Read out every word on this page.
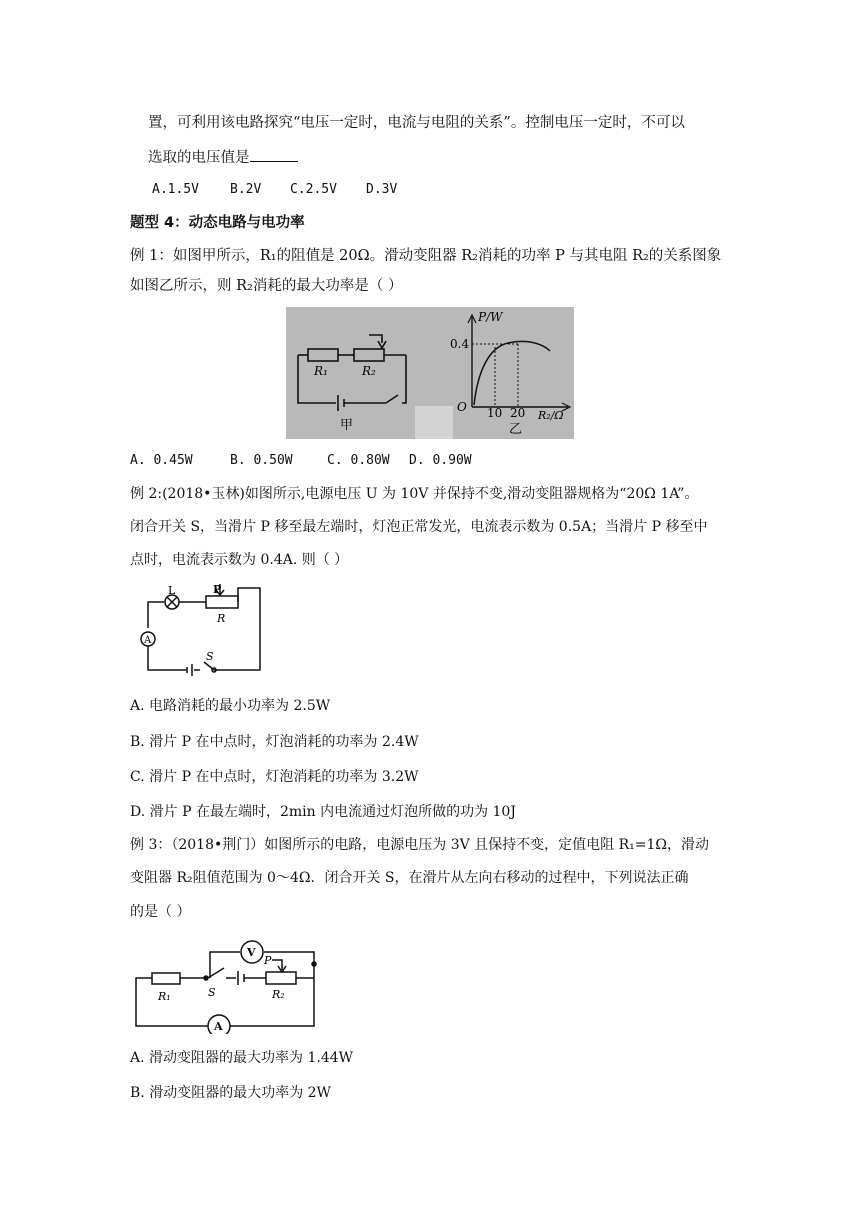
置，可利用该电路探究“电压一定时，电流与电阻的关系”。控制电压一定时，不可以
选取的电压值是
A.1.5V B.2V C.2.5V D.3V
题型 4：动态电路与电功率
例 1：如图甲所示，R₁的阻值是 20Ω。滑动变阻器 R₂消耗的功率 P 与其电阻 R₂的关系图象
如图乙所示，则 R₂消耗的最大功率是（ ）
R₁	R₂
甲
P/W
0.4
O 10 20 R₂/Ω
乙
A. 0.45W	B. 0.50W	C. 0.80W D. 0.90W
例 2:(2018•玉林)如图所示,电源电压 U 为 10V 并保持不变,滑动变阻器规格为“20Ω 1A”。
闭合开关 S，当滑片 P 移至最左端时，灯泡正常发光，电流表示数为 0.5A；当滑片 P 移至中
点时，电流表示数为 0.4A. 则（ ）
L	P
R
A
S
A. 电路消耗的最小功率为 2.5W
B. 滑片 P 在中点时，灯泡消耗的功率为 2.4W
C. 滑片 P 在中点时，灯泡消耗的功率为 3.2W
D. 滑片 P 在最左端时，2min 内电流通过灯泡所做的功为 10J
例 3：（2018•荆门）如图所示的电路，电源电压为 3V 且保持不变，定值电阻 R₁=1Ω，滑动
变阻器 R₂阻值范围为 0～4Ω．闭合开关 S，在滑片从左向右移动的过程中，下列说法正确
的是（ ）
V
A
R₁	S	R₂
P
A. 滑动变阻器的最大功率为 1.44W
B. 滑动变阻器的最大功率为 2W
